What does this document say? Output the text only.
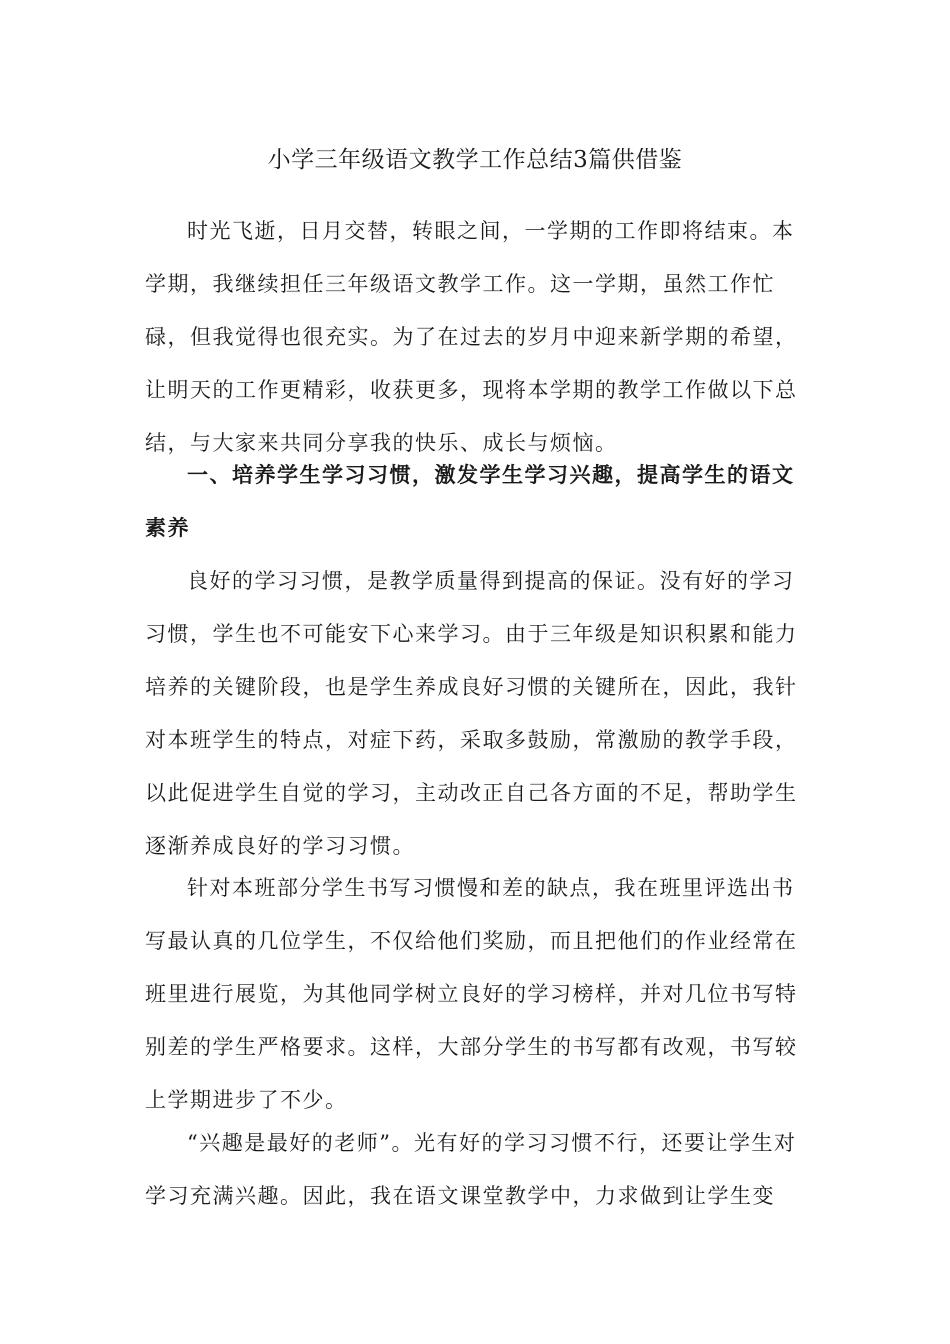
小学三年级语文教学工作总结3篇供借鉴

时光飞逝，日月交替，转眼之间，一学期的工作即将结束。本学期，我继续担任三年级语文教学工作。这一学期，虽然工作忙碌，但我觉得也很充实。为了在过去的岁月中迎来新学期的希望，让明天的工作更精彩，收获更多，现将本学期的教学工作做以下总结，与大家来共同分享我的快乐、成长与烦恼。

一、培养学生学习习惯，激发学生学习兴趣，提高学生的语文素养

良好的学习习惯，是教学质量得到提高的保证。没有好的学习习惯，学生也不可能安下心来学习。由于三年级是知识积累和能力培养的关键阶段，也是学生养成良好习惯的关键所在，因此，我针对本班学生的特点，对症下药，采取多鼓励，常激励的教学手段，以此促进学生自觉的学习，主动改正自己各方面的不足，帮助学生逐渐养成良好的学习习惯。

针对本班部分学生书写习惯慢和差的缺点，我在班里评选出书写最认真的几位学生，不仅给他们奖励，而且把他们的作业经常在班里进行展览，为其他同学树立良好的学习榜样，并对几位书写特别差的学生严格要求。这样，大部分学生的书写都有改观，书写较上学期进步了不少。

“兴趣是最好的老师”。光有好的学习习惯不行，还要让学生对学习充满兴趣。因此，我在语文课堂教学中，力求做到让学生变
